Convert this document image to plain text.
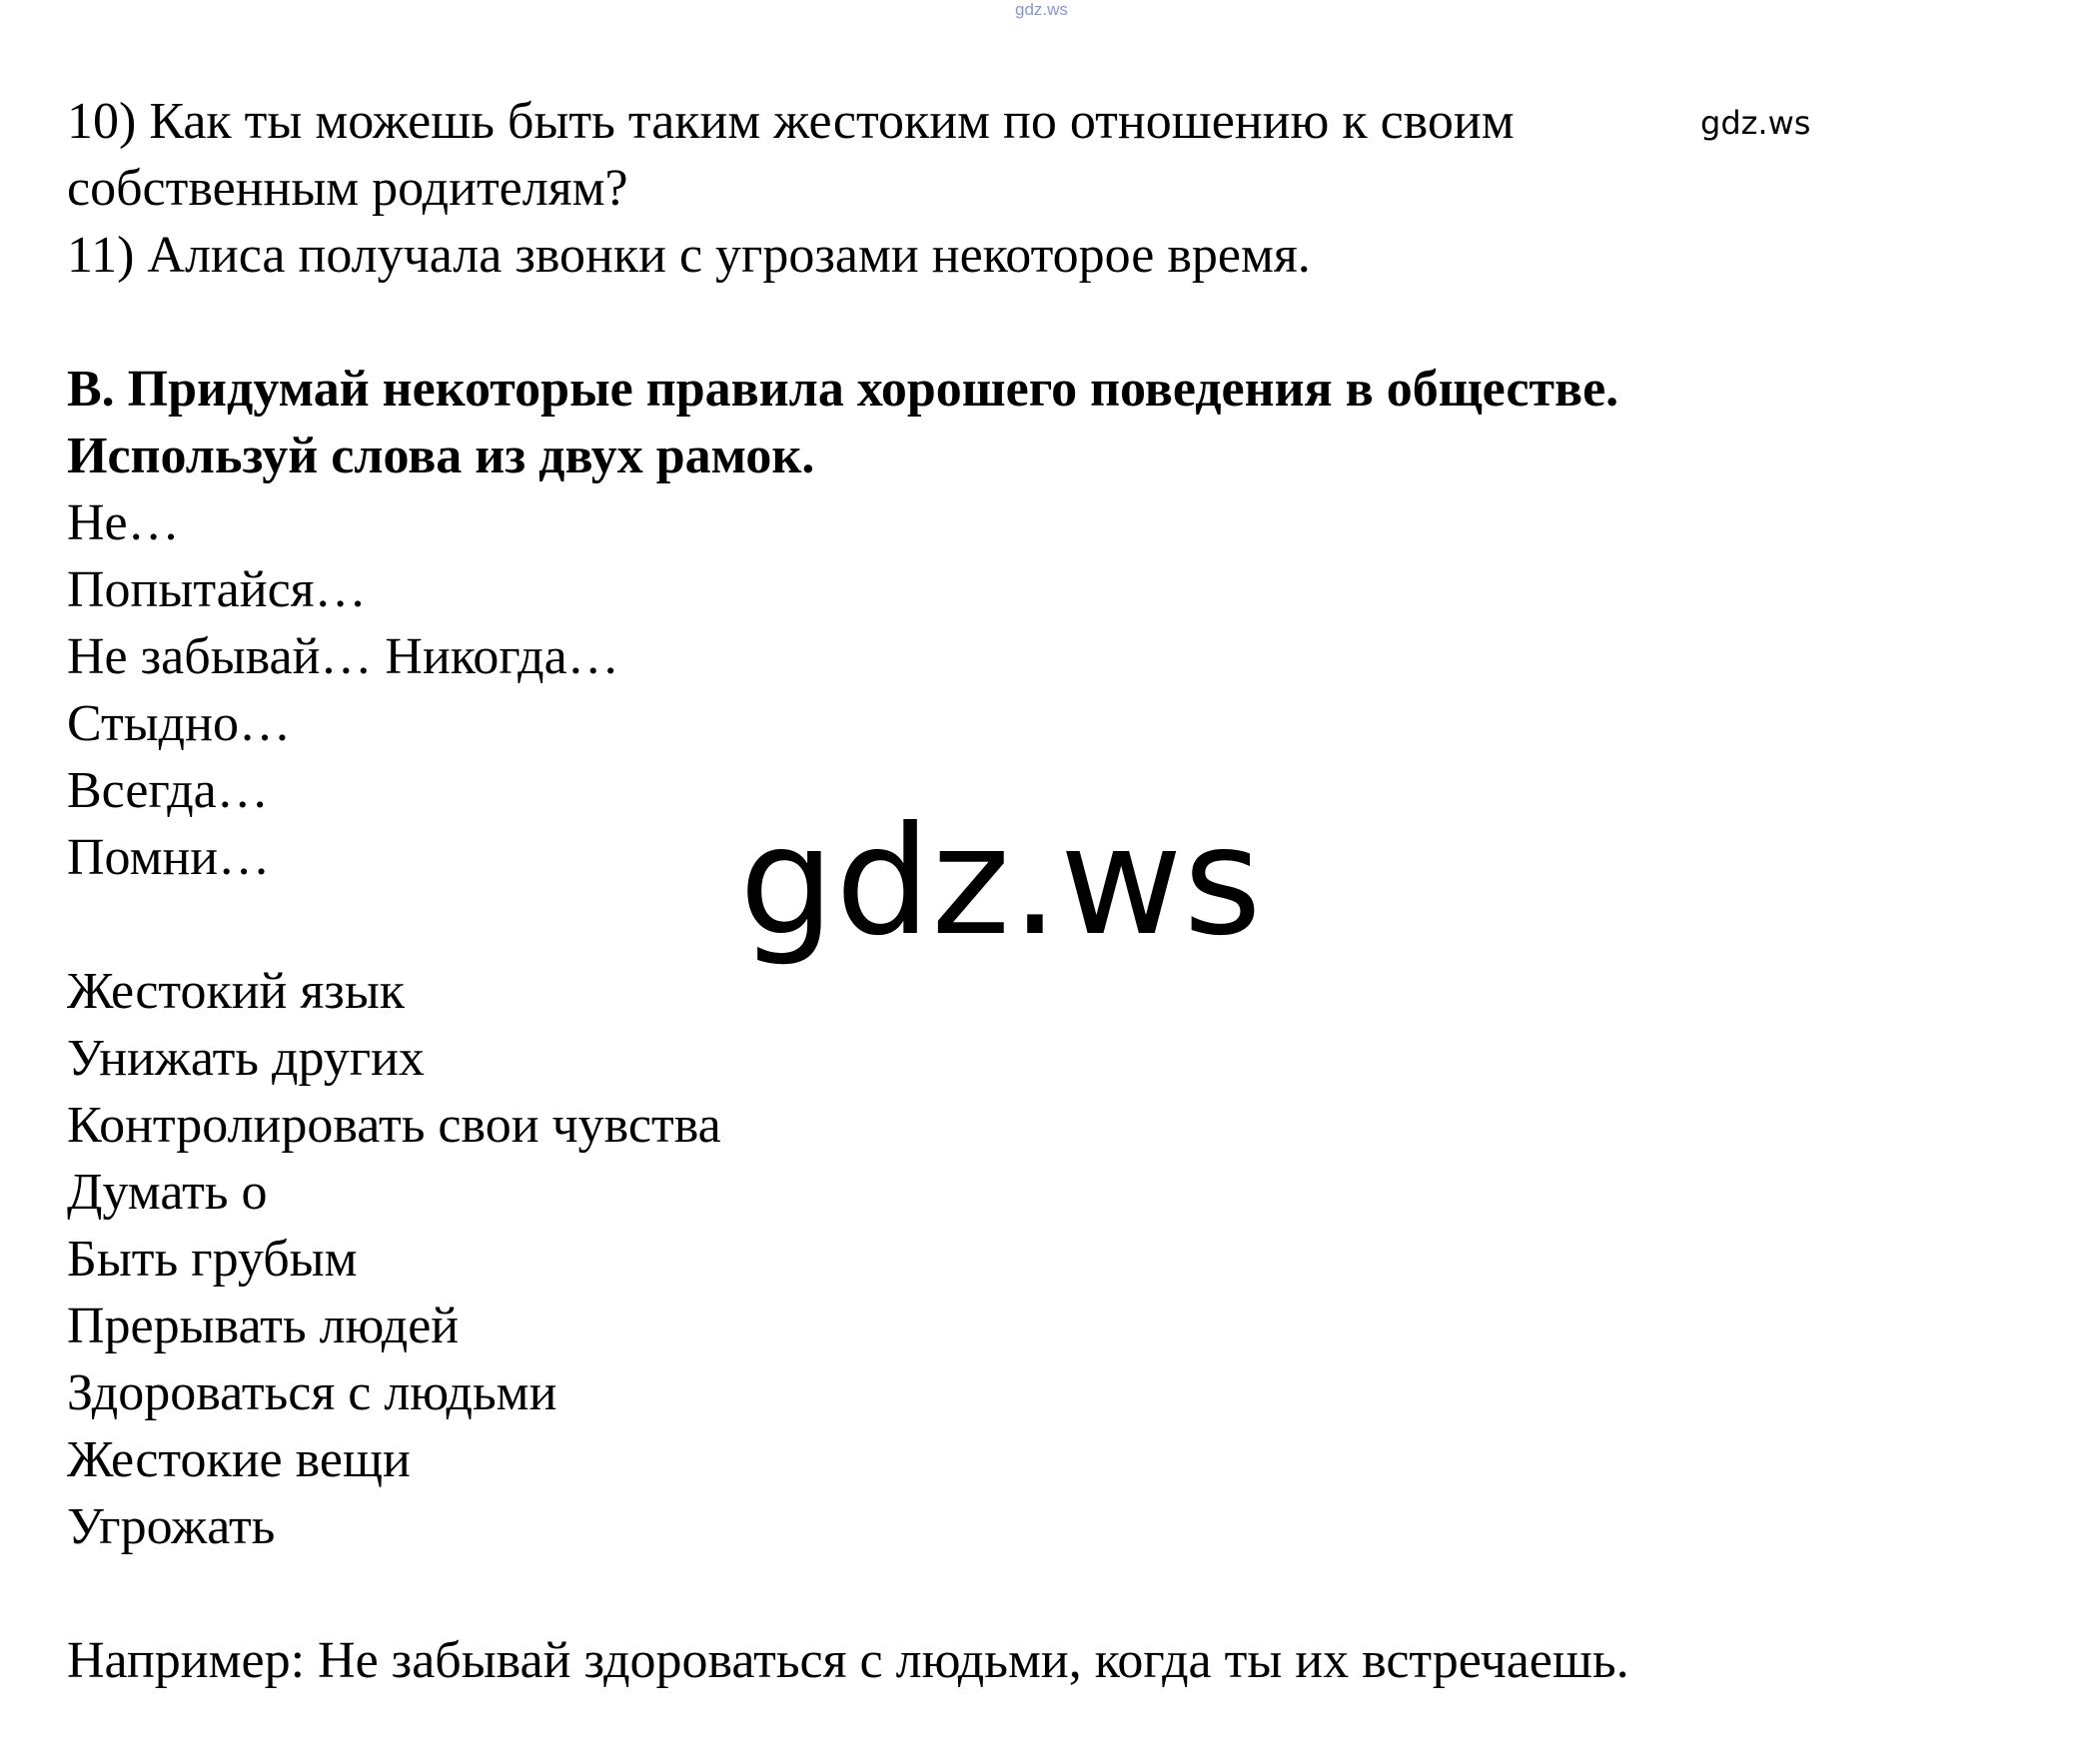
gdz.ws
10) Как ты можешь быть таким жестоким по отношению к своим
собственным родителям?
11) Алиса получала звонки с угрозами некоторое время.
B. Придумай некоторые правила хорошего поведения в обществе.
Используй слова из двух рамок.
Не…
Попытайся…
Не забывай… Никогда…
Стыдно…
Всегда…
Помни…
Жестокий язык
Унижать других
Контролировать свои чувства
Думать о
Быть грубым
Прерывать людей
Здороваться с людьми
Жестокие вещи
Угрожать
Например: Не забывай здороваться с людьми, когда ты их встречаешь.
gdz.ws
gdz.ws
